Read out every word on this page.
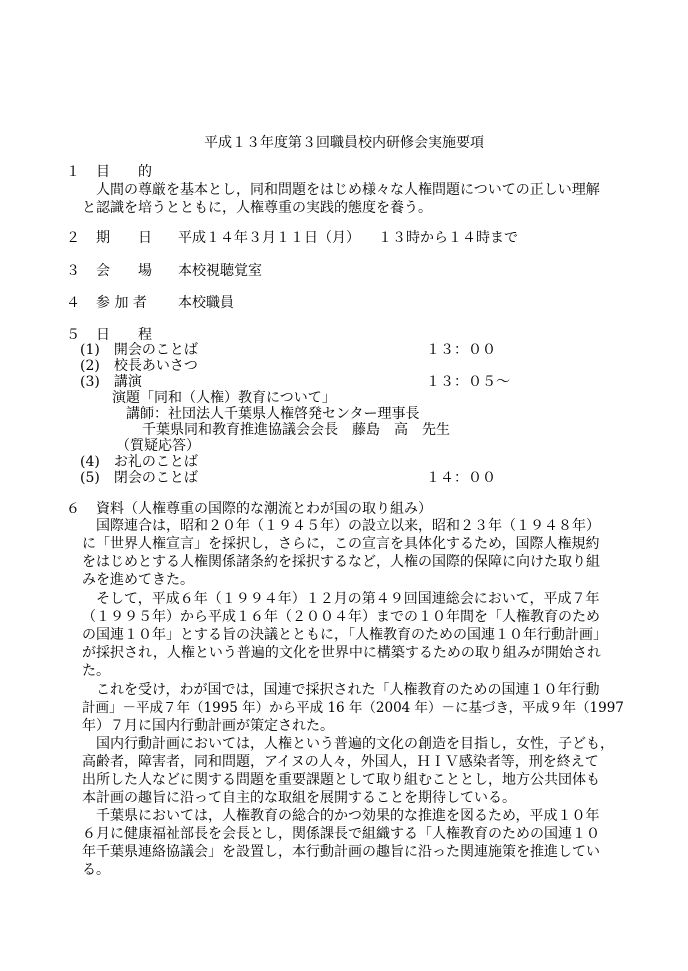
平成１３年度第３回職員校内研修会実施要項
１ 目　　的
人間の尊厳を基本とし，同和問題をはじめ様々な人権問題についての正しい理解
と認識を培うとともに，人権尊重の実践的態度を養う。
２ 期　　日 平成１４年３月１１日（月） １３時から１４時まで
３ 会　　場 本校視聴覚室
４ 参 加 者 本校職員
５ 日　　程
(1)　開会のことば	１３：００
(2)　校長あいさつ
(3)　講演	１３：０５～
演題「同和（人権）教育について」
講師：社団法人千葉県人権啓発センター理事長
千葉県同和教育推進協議会会長　藤島　高　先生
（質疑応答）
(4)　お礼のことば
(5)　閉会のことば	１４：００
６ 資料（人権尊重の国際的な潮流とわが国の取り組み）
国際連合は，昭和２０年（１９４５年）の設立以来，昭和２３年（１９４８年）
に「世界人権宣言」を採択し，さらに，この宣言を具体化するため，国際人権規約
をはじめとする人権関係諸条約を採択するなど，人権の国際的保障に向けた取り組
みを進めてきた。
そして，平成６年（１９９４年）１２月の第４９回国連総会において，平成７年
（１９９５年）から平成１６年（２００４年）までの１０年間を「人権教育のため
の国連１０年」とする旨の決議とともに，「人権教育のための国連１０年行動計画」
が採択され，人権という普遍的文化を世界中に構築するための取り組みが開始され
た。
これを受け，わが国では，国連で採択された「人権教育のための国連１０年行動
計画」－平成７年（1995 年）から平成 16 年（2004 年）－に基づき，平成９年（1997
年）７月に国内行動計画が策定された。
国内行動計画においては，人権という普遍的文化の創造を目指し，女性，子ども，
高齢者，障害者，同和問題，アイヌの人々，外国人，ＨＩＶ感染者等，刑を終えて
出所した人などに関する問題を重要課題として取り組むこととし，地方公共団体も
本計画の趣旨に沿って自主的な取組を展開することを期待している。
千葉県においては，人権教育の総合的かつ効果的な推進を図るため，平成１０年
６月に健康福祉部長を会長とし，関係課長で組織する「人権教育のための国連１０
年千葉県連絡協議会」を設置し，本行動計画の趣旨に沿った関連施策を推進してい
る。
